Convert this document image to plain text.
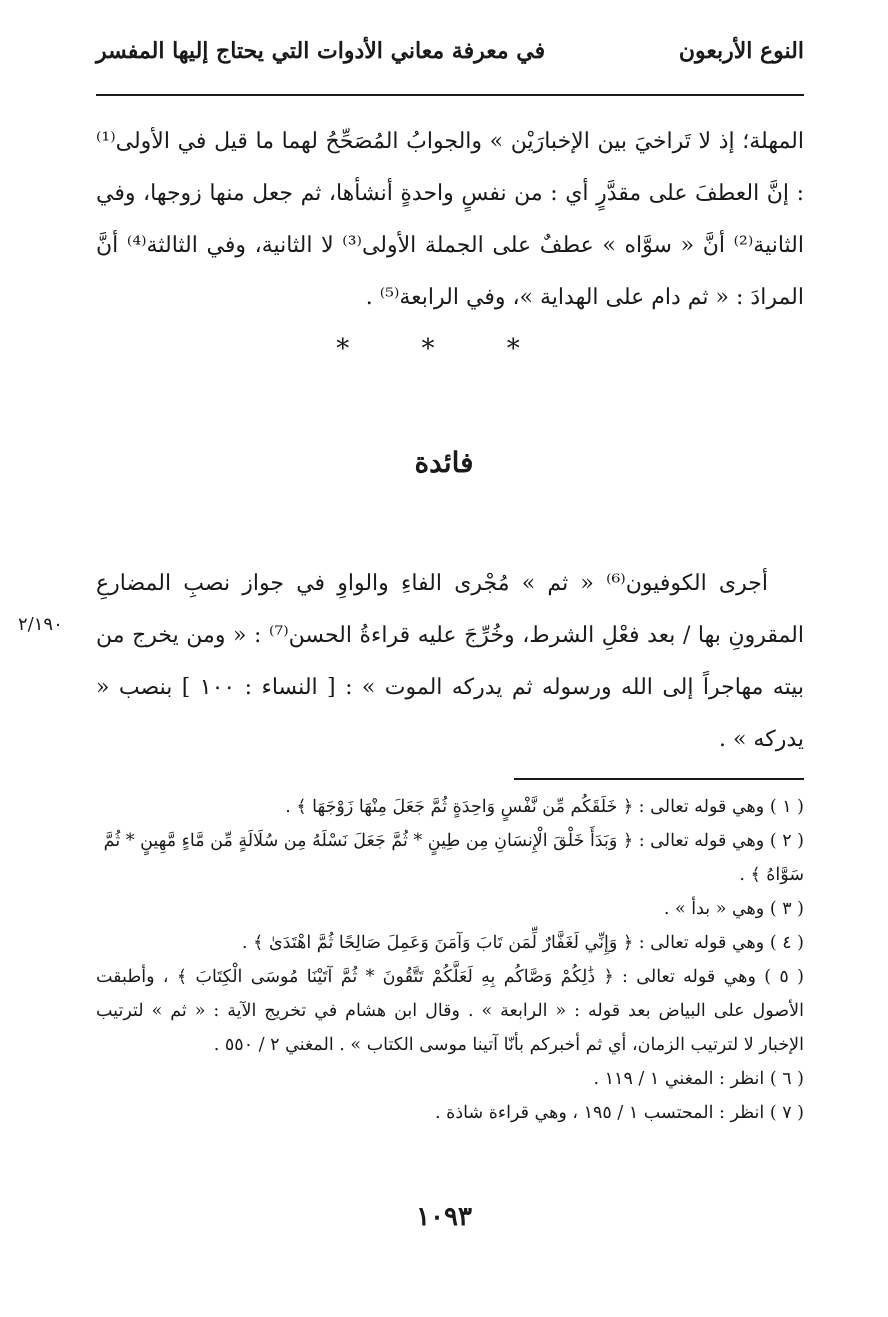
النوع الأربعون
في معرفة معاني الأدوات التي يحتاج إليها المفسر
المهلة؛ إذ لا تَراخيَ بين الإخبارَيْن » والجوابُ المُصَحِّحُ لهما ما قيل في الأولى⁽¹⁾ : إنَّ العطفَ على مقدَّرٍ أي : من نفسٍ واحدةٍ أنشأها، ثم جعل منها زوجها، وفي الثانية⁽²⁾ أنَّ « سوَّاه » عطفٌ على الجملة الأولى⁽³⁾ لا الثانية، وفي الثالثة⁽⁴⁾ أنَّ المرادَ : « ثم دام على الهداية »، وفي الرابعة⁽⁵⁾ .
* * *
فائدة
أجرى الكوفيون⁽⁶⁾ « ثم » مُجْرى الفاءِ والواوِ في جواز نصبِ المضارعِ المقرونِ بها / بعد فعْلِ الشرط، وخُرِّجَ عليه قراءةُ الحسن⁽⁷⁾ : « ومن يخرج من بيته مهاجراً إلى الله ورسوله ثم يدركه الموت » : [ النساء : ١٠٠ ] بنصب « يدركه » .
٢/١٩٠
( ١ ) وهي قوله تعالى : ﴿ خَلَقَكُم مِّن نَّفْسٍ وَاحِدَةٍ ثُمَّ جَعَلَ مِنْهَا زَوْجَهَا ﴾ .
( ٢ ) وهي قوله تعالى : ﴿ وَبَدَأَ خَلْقَ الْإِنسَانِ مِن طِينٍ * ثُمَّ جَعَلَ نَسْلَهُ مِن سُلَالَةٍ مِّن مَّاءٍ مَّهِينٍ * ثُمَّ سَوَّاهُ ﴾ .
( ٣ ) وهي « بدأ » .
( ٤ ) وهي قوله تعالى : ﴿ وَإِنِّي لَغَفَّارٌ لِّمَن تَابَ وَآمَنَ وَعَمِلَ صَالِحًا ثُمَّ اهْتَدَىٰ ﴾ .
( ٥ ) وهي قوله تعالى : ﴿ ذَٰلِكُمْ وَصَّاكُم بِهِ لَعَلَّكُمْ تَتَّقُونَ * ثُمَّ آتَيْنَا مُوسَى الْكِتَابَ ﴾ ، وأطبقت الأصول على البياض بعد قوله : « الرابعة » . وقال ابن هشام في تخريج الآية : « ثم » لترتيب الإخبار لا لترتيب الزمان، أي ثم أخبركم بأنّا آتينا موسى الكتاب » . المغني ٢ / ٥٥٠ .
( ٦ ) انظر : المغني ١ / ١١٩ .
( ٧ ) انظر : المحتسب ١ / ١٩٥ ، وهي قراءة شاذة .
١٠٩٣
